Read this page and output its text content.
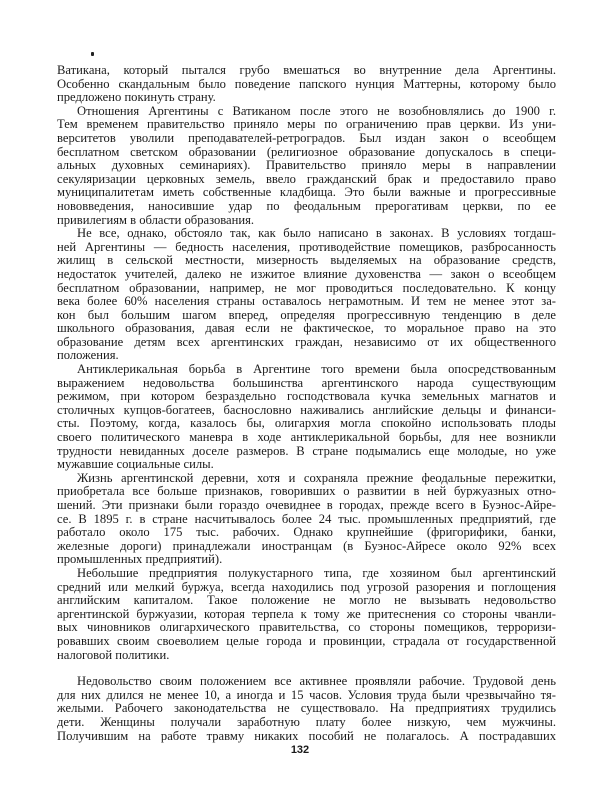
Ватикана, который пытался грубо вмешаться во внутренние дела Аргентины.
Особенно скандальным было поведение папского нунция Маттерны, которому было
предложено покинуть страну.
Отношения Аргентины с Ватиканом после этого не возобновлялись до 1900 г.
Тем временем правительство приняло меры по ограничению прав церкви. Из уни-
верситетов уволили преподавателей-ретроградов. Был издан закон о всеобщем
бесплатном светском образовании (религиозное образование допускалось в специ-
альных духовных семинариях). Правительство приняло меры в направлении
секуляризации церковных земель, ввело гражданский брак и предоставило право
муниципалитетам иметь собственные кладбища. Это были важные и прогрессивные
нововведения, наносившие удар по феодальным прерогативам церкви, по ее
привилегиям в области образования.
Не все, однако, обстояло так, как было написано в законах. В условиях тогдаш-
ней Аргентины — бедность населения, противодействие помещиков, разбросанность
жилищ в сельской местности, мизерность выделяемых на образование средств,
недостаток учителей, далеко не изжитое влияние духовенства — закон о всеобщем
бесплатном образовании, например, не мог проводиться последовательно. К концу
века более 60% населения страны оставалось неграмотным. И тем не менее этот за-
кон был большим шагом вперед, определяя прогрессивную тенденцию в деле
школьного образования, давая если не фактическое, то моральное право на это
образование детям всех аргентинских граждан, независимо от их общественного
положения.
Антиклерикальная борьба в Аргентине того времени была опосредствованным
выражением недовольства большинства аргентинского народа существующим
режимом, при котором безраздельно господствовала кучка земельных магнатов и
столичных купцов-богатеев, баснословно наживались английские дельцы и финанси-
сты. Поэтому, когда, казалось бы, олигархия могла спокойно использовать плоды
своего политического маневра в ходе антиклерикальной борьбы, для нее возникли
трудности невиданных доселе размеров. В стране подымались еще молодые, но уже
мужавшие социальные силы.
Жизнь аргентинской деревни, хотя и сохраняла прежние феодальные пережитки,
приобретала все больше признаков, говоривших о развитии в ней буржуазных отно-
шений. Эти признаки были гораздо очевиднее в городах, прежде всего в Буэнос-Айре-
се. В 1895 г. в стране насчитывалось более 24 тыс. промышленных предприятий, где
работало около 175 тыс. рабочих. Однако крупнейшие (фригорифики, банки,
железные дороги) принадлежали иностранцам (в Буэнос-Айресе около 92% всех
промышленных предприятий).
Небольшие предприятия полукустарного типа, где хозяином был аргентинский
средний или мелкий буржуа, всегда находились под угрозой разорения и поглощения
английским капиталом. Такое положение не могло не вызывать недовольство
аргентинской буржуазии, которая терпела к тому же притеснения со стороны чванли-
вых чиновников олигархического правительства, со стороны помещиков, терроризи-
ровавших своим своеволием целые города и провинции, страдала от государственной
налоговой политики.
Недовольство своим положением все активнее проявляли рабочие. Трудовой день
для них длился не менее 10, а иногда и 15 часов. Условия труда были чрезвычайно тя-
желыми. Рабочего законодательства не существовало. На предприятиях трудились
дети. Женщины получали заработную плату более низкую, чем мужчины.
Получившим на работе травму никаких пособий не полагалось. А пострадавших
132
